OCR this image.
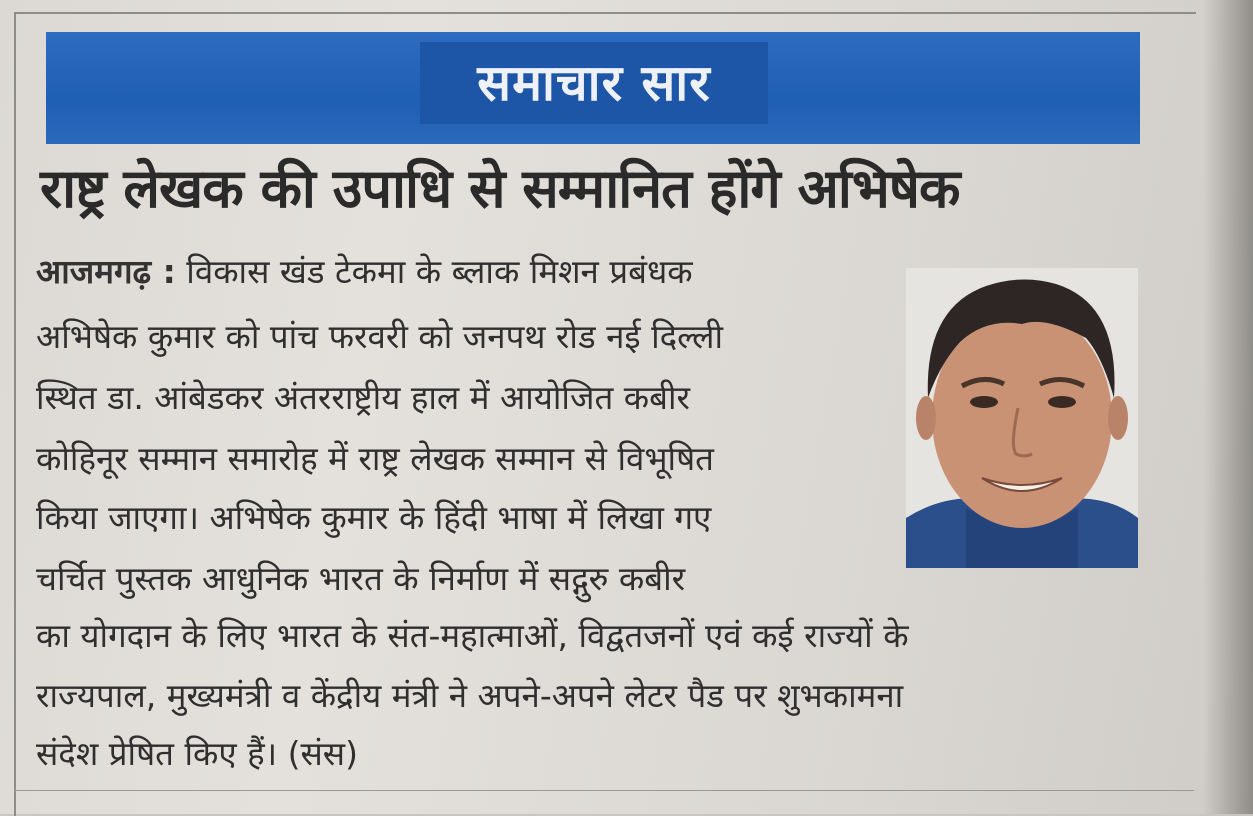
समाचार सार
राष्ट्र लेखक की उपाधि से सम्मानित होंगे अभिषेक
आजमगढ़ : विकास खंड टेकमा के ब्लाक मिशन प्रबंधक
अभिषेक कुमार को पांच फरवरी को जनपथ रोड नई दिल्ली
स्थित डा. आंबेडकर अंतरराष्ट्रीय हाल में आयोजित कबीर
कोहिनूर सम्मान समारोह में राष्ट्र लेखक सम्मान से विभूषित
किया जाएगा। अभिषेक कुमार के हिंदी भाषा में लिखा गए
चर्चित पुस्तक आधुनिक भारत के निर्माण में सद्गुरु कबीर
का योगदान के लिए भारत के संत-महात्माओं, विद्वतजनों एवं कई राज्यों के
राज्यपाल, मुख्यमंत्री व केंद्रीय मंत्री ने अपने-अपने लेटर पैड पर शुभकामना
संदेश प्रेषित किए हैं। (संस)
